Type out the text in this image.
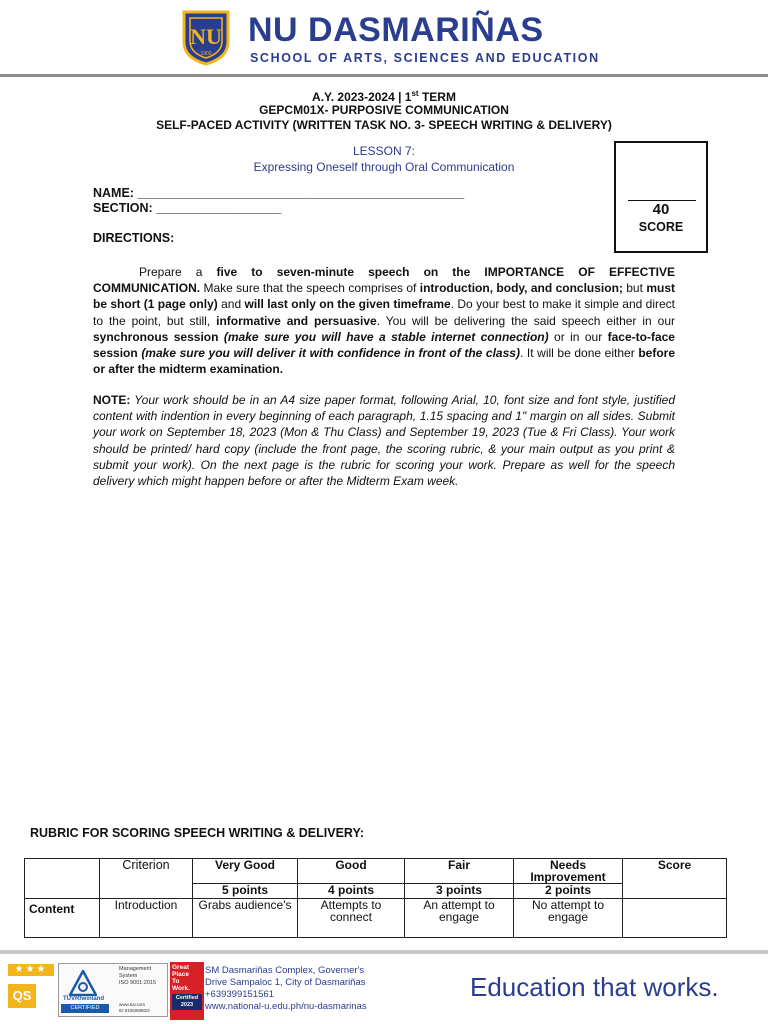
NU
1900
NU DASMARIÑAS
SCHOOL OF ARTS, SCIENCES AND EDUCATION
A.Y. 2023-2024 | 1st TERM
GEPCM01X- PURPOSIVE COMMUNICATION
SELF-PACED ACTIVITY (WRITTEN TASK NO. 3- SPEECH WRITING & DELIVERY)
LESSON 7:
Expressing Oneself through Oral Communication
40
SCORE
NAME: _______________________________________________
SECTION: __________________
DIRECTIONS:
Prepare a five to seven-minute speech on the IMPORTANCE OF EFFECTIVE COMMUNICATION. Make sure that the speech comprises of introduction, body, and conclusion; but must be short (1 page only) and will last only on the given timeframe. Do your best to make it simple and direct to the point, but still, informative and persuasive. You will be delivering the said speech either in our synchronous session (make sure you will have a stable internet connection) or in our face-to-face session (make sure you will deliver it with confidence in front of the class). It will be done either before or after the midterm examination.
NOTE: Your work should be in an A4 size paper format, following Arial, 10, font size and font style, justified content with indention in every beginning of each paragraph, 1.15 spacing and 1" margin on all sides. Submit your work on September 18, 2023 (Mon & Thu Class) and September 19, 2023 (Tue & Fri Class). Your work should be printed/ hard copy (include the front page, the scoring rubric, & your main output as you print & submit your work). On the next page is the rubric for scoring your work. Prepare as well for the speech delivery which might happen before or after the Midterm Exam week.
RUBRIC FOR SCORING SPEECH WRITING & DELIVERY:
	Criterion	Very Good	Good	Fair	Needs Improvement	Score
		5 points	4 points	3 points	2 points	
Content	Introduction	Grabs audience's	Attempts to connect	An attempt to engage	No attempt to engage	
★★★
QS	TÜVRheinland
CERTIFIED
Management
System
ISO 9001:2015
www.tuv.com
ID 9105068822
Great
Place
To
Work.
Certified
2023
SM Dasmariñas Complex, Governer's
Drive Sampaloc 1, City of Dasmariñas
+639399151561
www.national-u.edu.ph/nu-dasmarinas
Education that works.
